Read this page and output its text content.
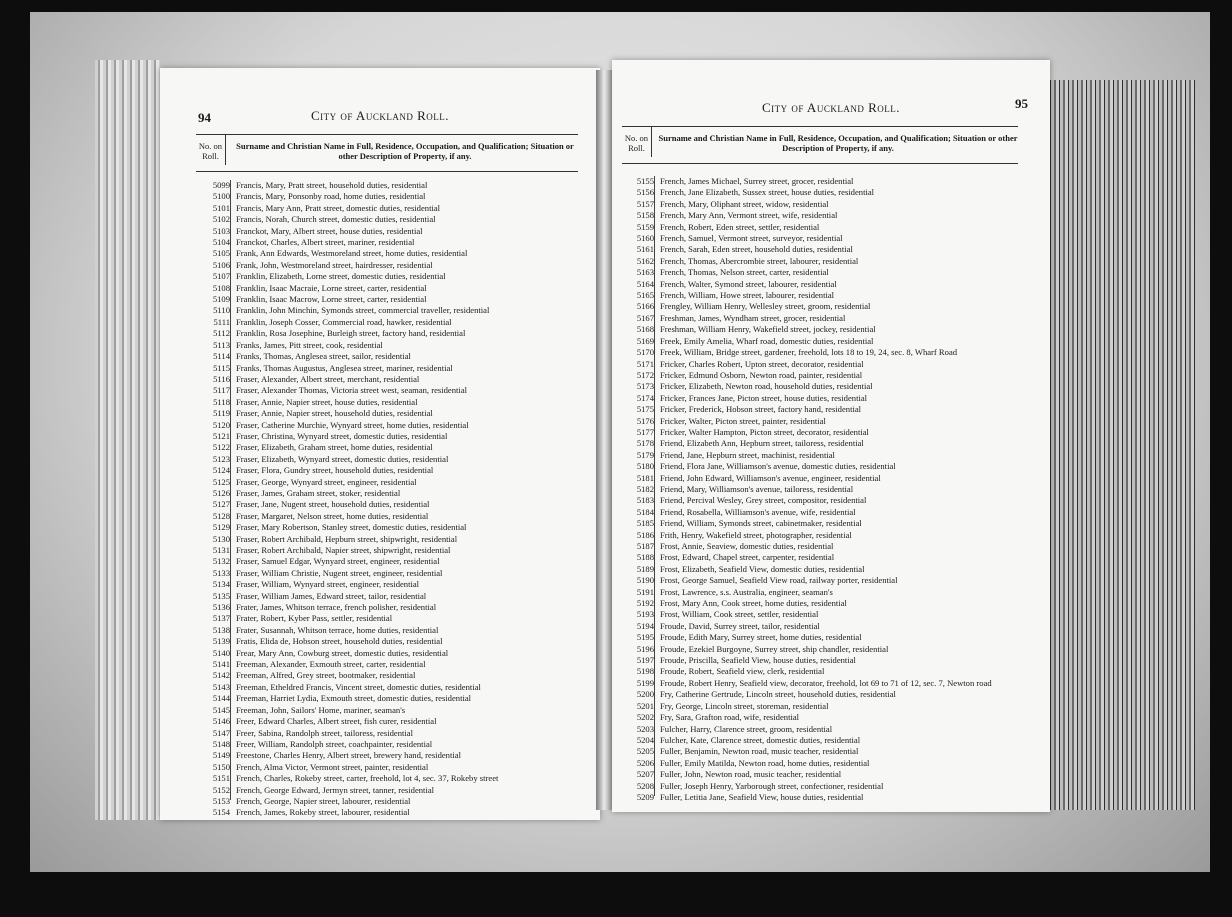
94	City of Auckland Roll.
No. on Roll.
Surname and Christian Name in Full, Residence, Occupation, and Qualification; Situation or other Description of Property, if any.
5099 Francis, Mary, Pratt street, household duties, residential
5100 Francis, Mary, Ponsonby road, home duties, residential
5101 Francis, Mary Ann, Pratt street, domestic duties, residential
5102 Francis, Norah, Church street, domestic duties, residential
5103 Franckot, Mary, Albert street, house duties, residential
5104 Franckot, Charles, Albert street, mariner, residential
5105 Frank, Ann Edwards, Westmoreland street, home duties, residential
5106 Frank, John, Westmoreland street, hairdresser, residential
5107 Franklin, Elizabeth, Lorne street, domestic duties, residential
5108 Franklin, Isaac Macraie, Lorne street, carter, residential
5109 Franklin, Isaac Macrow, Lorne street, carter, residential
5110 Franklin, John Minchin, Symonds street, commercial traveller, residential
5111 Franklin, Joseph Cosser, Commercial road, hawker, residential
5112 Franklin, Rosa Josephine, Burleigh street, factory hand, residential
5113 Franks, James, Pitt street, cook, residential
5114 Franks, Thomas, Anglesea street, sailor, residential
5115 Franks, Thomas Augustus, Anglesea street, mariner, residential
5116 Fraser, Alexander, Albert street, merchant, residential
5117 Fraser, Alexander Thomas, Victoria street west, seaman, residential
5118 Fraser, Annie, Napier street, house duties, residential
5119 Fraser, Annie, Napier street, household duties, residential
5120 Fraser, Catherine Murchie, Wynyard street, home duties, residential
5121 Fraser, Christina, Wynyard street, domestic duties, residential
5122 Fraser, Elizabeth, Graham street, home duties, residential
5123 Fraser, Elizabeth, Wynyard street, domestic duties, residential
5124 Fraser, Flora, Gundry street, household duties, residential
5125 Fraser, George, Wynyard street, engineer, residential
5126 Fraser, James, Graham street, stoker, residential
5127 Fraser, Jane, Nugent street, household duties, residential
5128 Fraser, Margaret, Nelson street, home duties, residential
5129 Fraser, Mary Robertson, Stanley street, domestic duties, residential
5130 Fraser, Robert Archibald, Hepburn street, shipwright, residential
5131 Fraser, Robert Archibald, Napier street, shipwright, residential
5132 Fraser, Samuel Edgar, Wynyard street, engineer, residential
5133 Fraser, William Christie, Nugent street, engineer, residential
5134 Fraser, William, Wynyard street, engineer, residential
5135 Fraser, William James, Edward street, tailor, residential
5136 Frater, James, Whitson terrace, french polisher, residential
5137 Frater, Robert, Kyber Pass, settler, residential
5138 Frater, Susannah, Whitson terrace, home duties, residential
5139 Fratis, Elida de, Hobson street, household duties, residential
5140 Frear, Mary Ann, Cowburg street, domestic duties, residential
5141 Freeman, Alexander, Exmouth street, carter, residential
5142 Freeman, Alfred, Grey street, bootmaker, residential
5143 Freeman, Etheldred Francis, Vincent street, domestic duties, residential
5144 Freeman, Harriet Lydia, Exmouth street, domestic duties, residential
5145 Freeman, John, Sailors' Home, mariner, seaman's
5146 Freer, Edward Charles, Albert street, fish curer, residential
5147 Freer, Sabina, Randolph street, tailoress, residential
5148 Freer, William, Randolph street, coachpainter, residential
5149 Freestone, Charles Henry, Albert street, brewery hand, residential
5150 French, Alma Victor, Vermont street, painter, residential
5151 French, Charles, Rokeby street, carter, freehold, lot 4, sec. 37, Rokeby street
5152 French, George Edward, Jermyn street, tanner, residential
5153 French, George, Napier street, labourer, residential
5154 French, James, Rokeby street, labourer, residential
City of Auckland Roll.	95
No. on Roll.
Surname and Christian Name in Full, Residence, Occupation, and Qualification; Situation or other Description of Property, if any.
5155 French, James Michael, Surrey street, grocer, residential
5156 French, Jane Elizabeth, Sussex street, house duties, residential
5157 French, Mary, Oliphant street, widow, residential
5158 French, Mary Ann, Vermont street, wife, residential
5159 French, Robert, Eden street, settler, residential
5160 French, Samuel, Vermont street, surveyor, residential
5161 French, Sarah, Eden street, household duties, residential
5162 French, Thomas, Abercrombie street, labourer, residential
5163 French, Thomas, Nelson street, carter, residential
5164 French, Walter, Symond street, labourer, residential
5165 French, William, Howe street, labourer, residential
5166 Frengley, William Henry, Wellesley street, groom, residential
5167 Freshman, James, Wyndham street, grocer, residential
5168 Freshman, William Henry, Wakefield street, jockey, residential
5169 Freek, Emily Amelia, Wharf road, domestic duties, residential
5170 Freek, William, Bridge street, gardener, freehold, lots 18 to 19, 24, sec. 8, Wharf Road
5171 Fricker, Charles Robert, Upton street, decorator, residential
5172 Fricker, Edmund Osborn, Newton road, painter, residential
5173 Fricker, Elizabeth, Newton road, household duties, residential
5174 Fricker, Frances Jane, Picton street, house duties, residential
5175 Fricker, Frederick, Hobson street, factory hand, residential
5176 Fricker, Walter, Picton street, painter, residential
5177 Fricker, Walter Hampton, Picton street, decorator, residential
5178 Friend, Elizabeth Ann, Hepburn street, tailoress, residential
5179 Friend, Jane, Hepburn street, machinist, residential
5180 Friend, Flora Jane, Williamson's avenue, domestic duties, residential
5181 Friend, John Edward, Williamson's avenue, engineer, residential
5182 Friend, Mary, Williamson's avenue, tailoress, residential
5183 Friend, Percival Wesley, Grey street, compositor, residential
5184 Friend, Rosabella, Williamson's avenue, wife, residential
5185 Friend, William, Symonds street, cabinetmaker, residential
5186 Frith, Henry, Wakefield street, photographer, residential
5187 Frost, Annie, Seaview, domestic duties, residential
5188 Frost, Edward, Chapel street, carpenter, residential
5189 Frost, Elizabeth, Seafield View, domestic duties, residential
5190 Frost, George Samuel, Seafield View road, railway porter, residential
5191 Frost, Lawrence, s.s. Australia, engineer, seaman's
5192 Frost, Mary Ann, Cook street, home duties, residential
5193 Frost, William, Cook street, settler, residential
5194 Froude, David, Surrey street, tailor, residential
5195 Froude, Edith Mary, Surrey street, home duties, residential
5196 Froude, Ezekiel Burgoyne, Surrey street, ship chandler, residential
5197 Froude, Priscilla, Seafield View, house duties, residential
5198 Froude, Robert, Seafield view, clerk, residential
5199 Froude, Robert Henry, Seafield view, decorator, freehold, lot 69 to 71 of 12, sec. 7, Newton road
5200 Fry, Catherine Gertrude, Lincoln street, household duties, residential
5201 Fry, George, Lincoln street, storeman, residential
5202 Fry, Sara, Grafton road, wife, residential
5203 Fulcher, Harry, Clarence street, groom, residential
5204 Fulcher, Kate, Clarence street, domestic duties, residential
5205 Fuller, Benjamin, Newton road, music teacher, residential
5206 Fuller, Emily Matilda, Newton road, home duties, residential
5207 Fuller, John, Newton road, music teacher, residential
5208 Fuller, Joseph Henry, Yarborough street, confectioner, residential
5209 Fuller, Letitia Jane, Seafield View, house duties, residential
